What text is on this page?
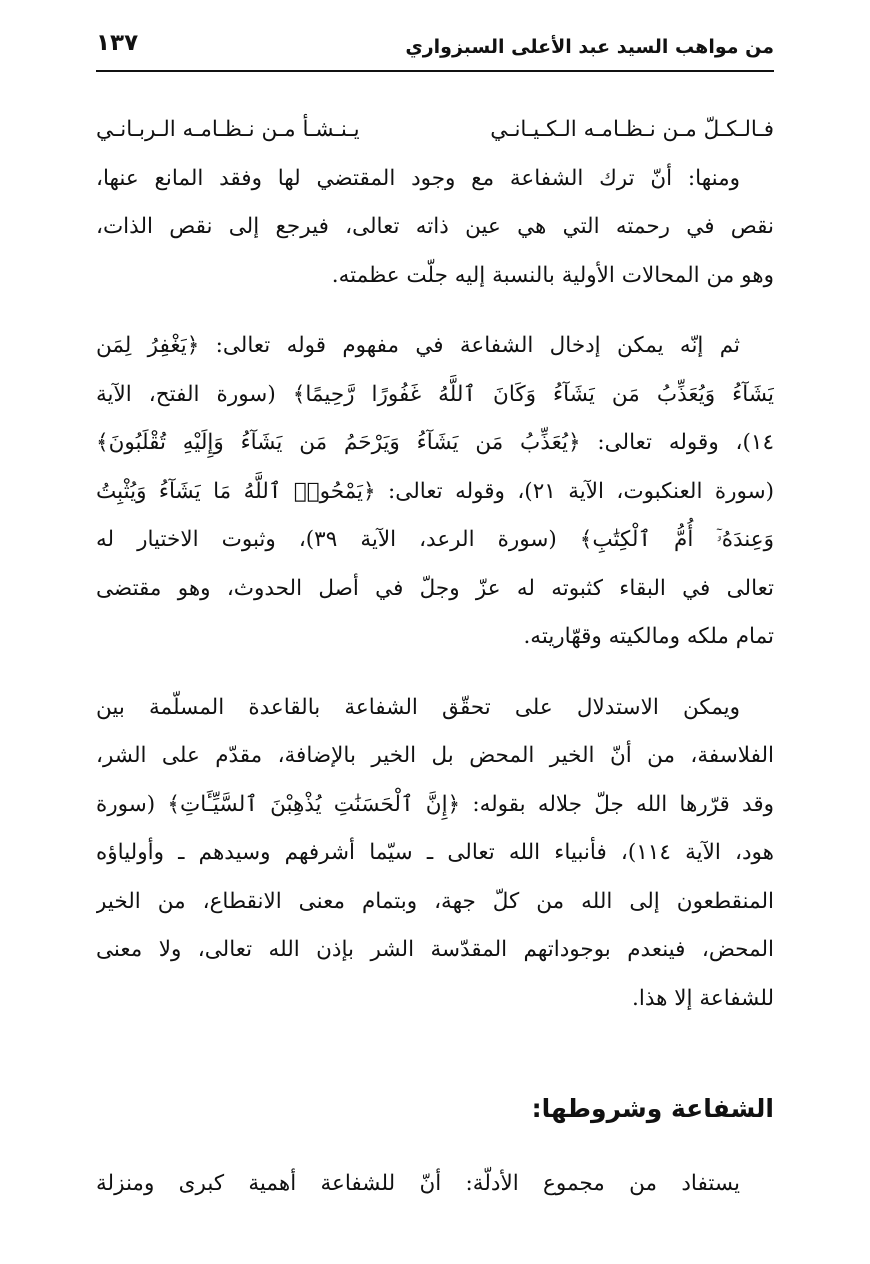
من مواهب السيد عبد الأعلى السبزواري
١٣٧
فـالـكـلّ مـن نـظـامـه الـكـيـانـي
يـنـشـأ مـن نـظـامـه الـربـانـي
ومنها: أنّ ترك الشفاعة مع وجود المقتضي لها وفقد المانع عنها،
نقص في رحمته التي هي عين ذاته تعالى، فيرجع إلى نقص الذات،
وهو من المحالات الأولية بالنسبة إليه جلّت عظمته.
ثم إنّه يمكن إدخال الشفاعة في مفهوم قوله تعالى: ﴿يَغْفِرُ لِمَن
يَشَآءُ وَيُعَذِّبُ مَن يَشَآءُ وَكَانَ ٱللَّهُ غَفُورًا رَّحِيمًا﴾ (سورة الفتح، الآية
١٤)، وقوله تعالى: ﴿يُعَذِّبُ مَن يَشَآءُ وَيَرْحَمُ مَن يَشَآءُ وَإِلَيْهِ تُقْلَبُونَ﴾
(سورة العنكبوت، الآية ٢١)، وقوله تعالى: ﴿يَمْحُوا۟ ٱللَّهُ مَا يَشَآءُ وَيُثْبِتُ
وَعِندَهُۥٓ أُمُّ ٱلْكِتَٰبِ﴾ (سورة الرعد، الآية ٣٩)، وثبوت الاختيار له
تعالى في البقاء كثبوته له عزّ وجلّ في أصل الحدوث، وهو مقتضى
تمام ملكه ومالكيته وقهّاريته.
ويمكن الاستدلال على تحقّق الشفاعة بالقاعدة المسلّمة بين
الفلاسفة، من أنّ الخير المحض بل الخير بالإضافة، مقدّم على الشر،
وقد قرّرها الله جلّ جلاله بقوله: ﴿إِنَّ ٱلْحَسَنَٰتِ يُذْهِبْنَ ٱلسَّيِّـَٔاتِ﴾ (سورة
هود، الآية ١١٤)، فأنبياء الله تعالى ـ سيّما أشرفهم وسيدهم ـ وأولياؤه
المنقطعون إلى الله من كلّ جهة، وبتمام معنى الانقطاع، من الخير
المحض، فينعدم بوجوداتهم المقدّسة الشر بإذن الله تعالى، ولا معنى
للشفاعة إلا هذا.
الشفاعة وشروطها:
يستفاد من مجموع الأدلّة: أنّ للشفاعة أهمية كبرى ومنزلة
